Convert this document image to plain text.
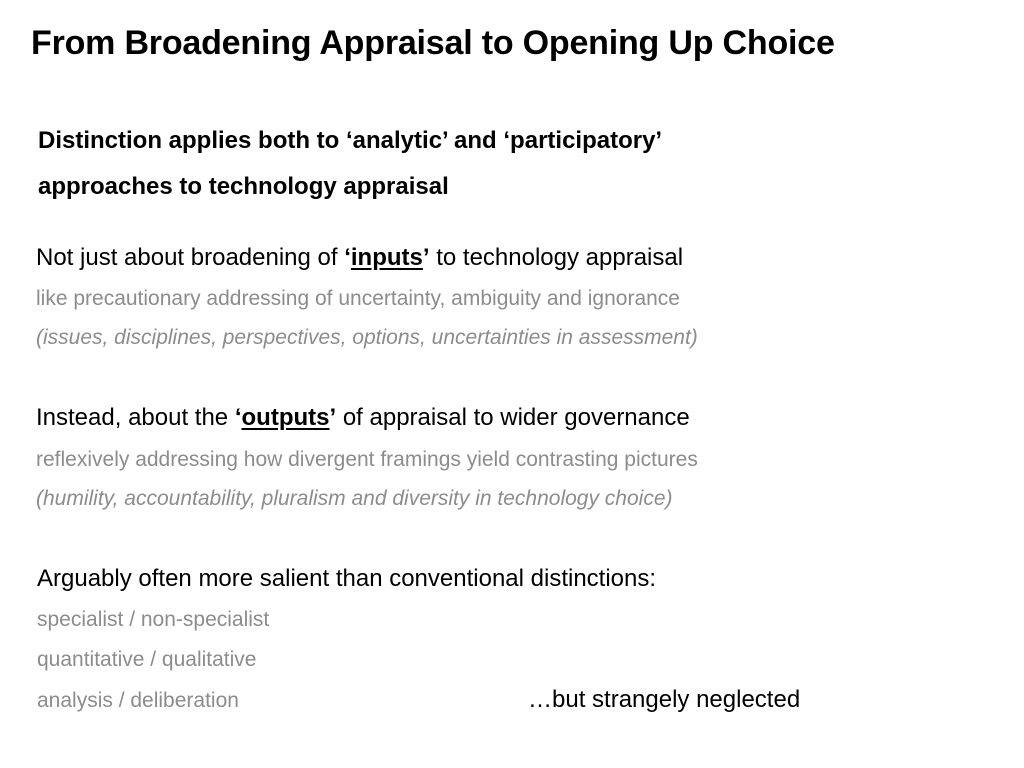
From Broadening Appraisal to Opening Up Choice
Distinction applies both to ‘analytic’ and ‘participatory’
approaches to technology appraisal
Not just about broadening of ‘inputs’ to technology appraisal
like precautionary addressing of uncertainty, ambiguity and ignorance
(issues, disciplines, perspectives, options, uncertainties in assessment)
Instead, about the ‘outputs’ of appraisal to wider governance
reflexively addressing how divergent framings yield contrasting pictures
(humility, accountability, pluralism and diversity in technology choice)
Arguably often more salient than conventional distinctions:
specialist / non-specialist
quantitative / qualitative
analysis / deliberation	…but strangely neglected
